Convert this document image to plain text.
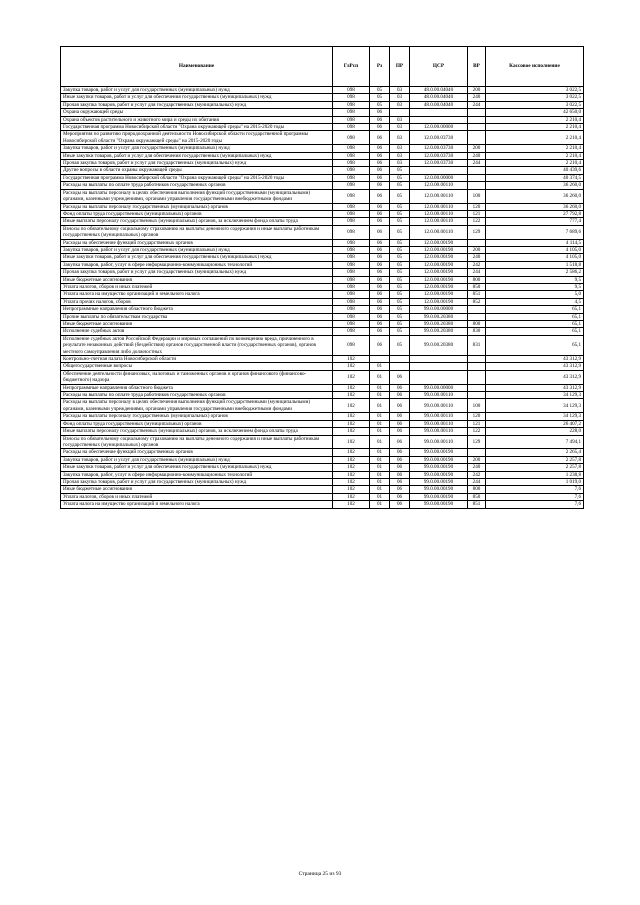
Наименование	ГлРсп	Рз	ПР	ЦСР	ВР	Кассовое исполнение
Закупка товаров, работ и услуг для государственных (муниципальных) нужд	098	05	03	48.0.00.04040	200	3 022,5
Иные закупки товаров, работ и услуг для обеспечения государственных (муниципальных) нужд	098	05	03	48.0.00.04040	240	3 022,5
Прочая закупка товаров, работ и услуг для государственных (муниципальных) нужд	098	05	03	48.0.00.04040	244	3 022,5
Охрана окружающей среды	098	06				42 650,0
Охрана объектов растительного и животного мира и среды их обитания	098	06	03			2 210,4
Государственная программа Новосибирской области "Охрана окружающей среды" на 2015-2020 годы	098	06	03	12.0.00.00000		2 210,4
Мероприятия по развитию природоохранной деятельности Новосибирской области государственной программы Новосибирской области "Охрана окружающей среды" на 2015-2020 годы	098	06	03	12.0.00.03730		2 210,4
Закупка товаров, работ и услуг для государственных (муниципальных) нужд	098	06	03	12.0.00.03730	200	2 210,4
Иные закупки товаров, работ и услуг для обеспечения государственных (муниципальных) нужд	098	06	03	12.0.00.03730	240	2 210,4
Прочая закупка товаров, работ и услуг для государственных (муниципальных) нужд	098	06	03	12.0.00.03730	244	2 210,4
Другие вопросы в области охраны окружающей среды	098	06	05			40 439,6
Государственная программа Новосибирской области "Охрана окружающей среды" на 2015-2020 годы	098	06	05	12.0.00.00000		40 374,5
Расходы на выплаты по оплате труда работников государственных органов	098	06	05	12.0.00.00110		36 260,0
Расходы на выплаты персоналу в целях обеспечения выполнения функций государственными (муниципальными) органами, казенными учреждениями, органами управления государственными внебюджетными фондами	098	06	05	12.0.00.00110	100	36 260,0
Расходы на выплаты персоналу государственных (муниципальных) органов	098	06	05	12.0.00.00110	120	36 260,0
Фонд оплаты труда государственных (муниципальных) органов	098	06	05	12.0.00.00110	121	27 792,8
Иные выплаты персоналу государственных (муниципальных) органов, за исключением фонда оплаты труда	098	06	05	12.0.00.00110	122	777,4
Взносы по обязательному социальному страхованию на выплаты денежного содержания и иные выплаты работникам государственных (муниципальных) органов	098	06	05	12.0.00.00110	129	7 689,6
Расходы на обеспечение функций государственных органов	098	06	05	12.0.00.00190		4 114,5
Закупка товаров, работ и услуг для государственных (муниципальных) нужд	098	06	05	12.0.00.00190	200	4 105,0
Иные закупки товаров, работ и услуг для обеспечения государственных (муниципальных) нужд	098	06	05	12.0.00.00190	240	4 105,0
Закупка товаров, работ, услуг в сфере информационно-коммуникационных технологий	098	06	05	12.0.00.00190	242	1 518,8
Прочая закупка товаров, работ и услуг для государственных (муниципальных) нужд	098	06	05	12.0.00.00190	244	2 586,2
Иные бюджетные ассигнования	098	06	05	12.0.00.00190	800	9,5
Уплата налогов, сборов и иных платежей	098	06	05	12.0.00.00190	850	9,5
Уплата налога на имущество организаций и земельного налога	098	06	05	12.0.00.00190	851	5,0
Уплата прочих налогов, сборов	098	06	05	12.0.00.00190	852	4,5
Непрограммные направления областного бюджета	098	06	05	99.0.00.00000		65,1
Прочие выплаты по обязательствам государства	098	06	05	99.0.00.20380		65,1
Иные бюджетные ассигнования	098	06	05	99.0.00.20380	800	65,1
Исполнение судебных актов	098	06	05	99.0.00.20380	830	65,1
Исполнение судебных актов Российской Федерации и мировых соглашений по возмещению вреда, причиненного в результате незаконных действий (бездействия) органов государственной власти (государственных органов), органов местного самоуправления либо должностных	098	06	05	99.0.00.20380	831	65,1
Контрольно-счетная палата Новосибирской области	102					43 312,9
Общегосударственные вопросы	102	01				43 312,9
Обеспечение деятельности финансовых, налоговых и таможенных органов и органов финансового (финансово-бюджетного) надзора	102	01	06			43 312,9
Непрограммные направления областного бюджета	102	01	06	99.0.00.00000		43 312,9
Расходы на выплаты по оплате труда работников государственных органов	102	01	06	99.0.00.00110		34 129,3
Расходы на выплаты персоналу в целях обеспечения выполнения функций государственными (муниципальными) органами, казенными учреждениями, органами управления государственными внебюджетными фондами	102	01	06	99.0.00.00110	100	34 129,3
Расходы на выплаты персоналу государственных (муниципальных) органов	102	01	06	99.0.00.00110	120	34 129,3
Фонд оплаты труда государственных (муниципальных) органов	102	01	06	99.0.00.00110	121	26 407,2
Иные выплаты персоналу государственных (муниципальных) органов, за исключением фонда оплаты труда	102	01	06	99.0.00.00110	122	228,0
Взносы по обязательному социальному страхованию на выплаты денежного содержания и иные выплаты работникам государственных (муниципальных) органов	102	01	06	99.0.00.00110	129	7 494,1
Расходы на обеспечение функций государственных органов	102	01	06	99.0.00.00190		2 265,4
Закупка товаров, работ и услуг для государственных (муниципальных) нужд	102	01	06	99.0.00.00190	200	2 257,8
Иные закупки товаров, работ и услуг для обеспечения государственных (муниципальных) нужд	102	01	06	99.0.00.00190	240	2 257,8
Закупка товаров, работ, услуг в сфере информационно-коммуникационных технологий	102	01	06	99.0.00.00190	242	1 238,8
Прочая закупка товаров, работ и услуг для государственных (муниципальных) нужд	102	01	06	99.0.00.00190	244	1 019,0
Иные бюджетные ассигнования	102	01	06	99.0.00.00190	800	7,6
Уплата налогов, сборов и иных платежей	102	01	06	99.0.00.00190	850	7,6
Уплата налога на имущество организаций и земельного налога	102	01	06	99.0.00.00190	851	7,6
Страница 25 из 93
